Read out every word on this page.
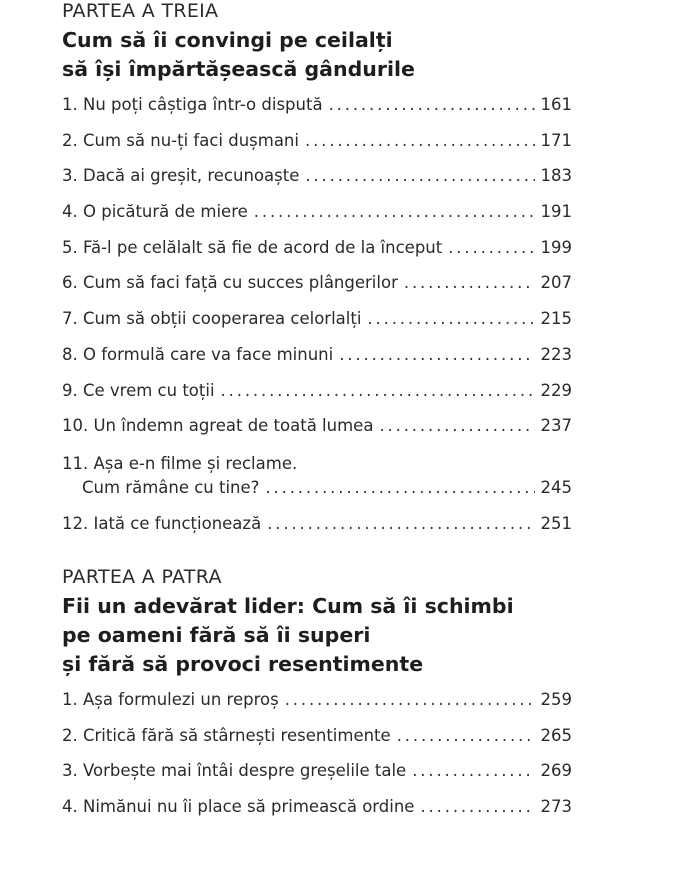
PARTEA A TREIA
Cum să îi convingi pe ceilalți
să își împărtășească gândurile
1. Nu poți câștiga într-o dispută . . .	161
2. Cum să nu-ți faci dușmani . . .	171
3. Dacă ai greșit, recunoaște . . .	183
4. O picătură de miere . . .	191
5. Fă-l pe celălalt să fie de acord de la început . . .	199
6. Cum să faci față cu succes plângerilor . . .	207
7. Cum să obții cooperarea celorlalți . . .	215
8. O formulă care va face minuni . . .	223
9. Ce vrem cu toții . . .	229
10. Un îndemn agreat de toată lumea . . .	237
11. Așa e-n filme și reclame.
Cum rămâne cu tine? . . .	245
12. Iată ce funcționează . . .	251
PARTEA A PATRA
Fii un adevărat lider: Cum să îi schimbi
pe oameni fără să îi superi
și fără să provoci resentimente
1. Așa formulezi un reproș . . .	259
2. Critică fără să stârnești resentimente . . .	265
3. Vorbește mai întâi despre greșelile tale . . .	269
4. Nimănui nu îi place să primească ordine . . .	273
